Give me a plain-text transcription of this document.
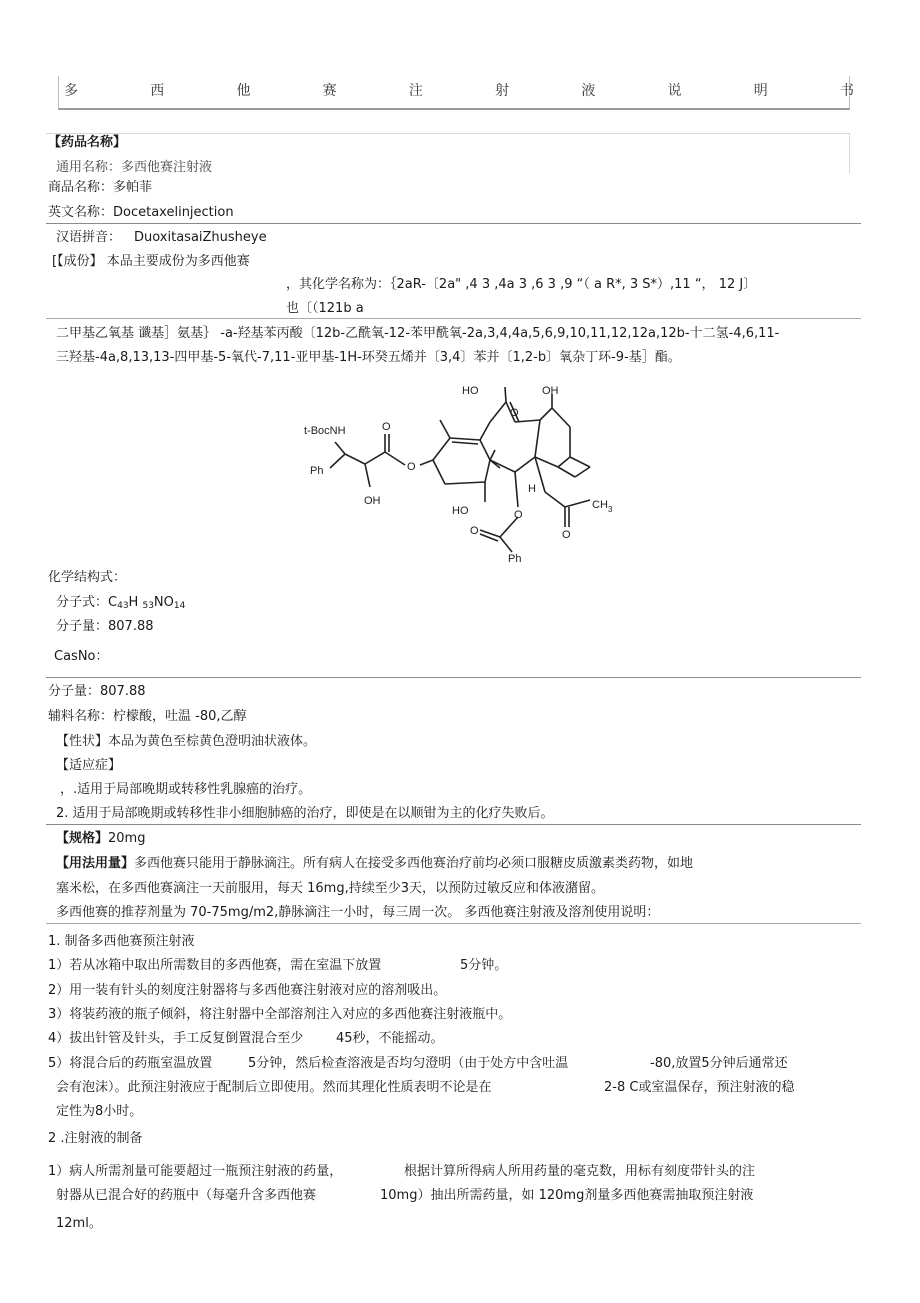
多	西	他	赛	注	射	液	说	明	书
【药品名称】
通用名称：多西他赛注射液
商品名称：多帕菲
英文名称：Docetaxelinjection
汉语拼音： DuoxitasaiZhusheye
[【成份】 本品主要成份为多西他赛
，其化学名称为：｛2aR-〔2a" ,4 3 ,4a 3 ,6 3 ,9 “（ a R*, 3 S*）,11 “， 12 J〕
也〔（121b a
二甲基乙氧基 谶基］氨基｝ -a-羟基苯丙酸〔12b-乙酰氧-12-苯甲酰氧-2a,3,4,4a,5,6,9,10,11,12,12a,12b-十二氢-4,6,11-
三羟基-4a,8,13,13-四甲基-5-氧代-7,11-亚甲基-1H-环癸五烯并〔3,4〕苯并〔1,2-b〕氧杂丁环-9-基］酯。
t-BocNH
Ph
OH
HO	OH
HO
H
CH 3
O
O
O
O
O
O
Ph
化学结构式：
分子式：$C_{43}H$ $_{53}NO_{14}$
分子量：807.88
CasNo：
分子量：807.88
辅料名称：柠檬酸，吐温 -80,乙醇
【性状】本品为黄色至棕黄色澄明油状液体。
【适应症】
，.适用于局部晚期或转移性乳腺癌的治疗。
2. 适用于局部晚期或转移性非小细胞肺癌的治疗，即使是在以顺钳为主的化疗失败后。
【规格】20mg
【用法用量】多西他赛只能用于静脉滴注。所有病人在接受多西他赛治疗前均必须口服糖皮质激素类药物，如地
塞米松，在多西他赛滴注一天前服用，每天 16mg,持续至少3天，以预防过敏反应和体液潴留。
多西他赛的推荐剂量为 70-75mg/m2,静脉滴注一小时，每三周一次。 多西他赛注射液及溶剂使用说明：
1. 制备多西他赛预注射液
1）若从冰箱中取出所需数目的多西他赛，需在室温下放置	5分钟。
2）用一装有针头的刻度注射器将与多西他赛注射液对应的溶剂吸出。
3）将装药液的瓶子倾斜，将注射器中全部溶剂注入对应的多西他赛注射液瓶中。
4）拔出针管及针头，手工反复倒置混合至少	45秒，不能摇动。
5）将混合后的药瓶室温放置	5分钟，然后检查溶液是否均匀澄明（由于处方中含吐温	-80,放置5分钟后通常还
会有泡沫）。此预注射液应于配制后立即使用。然而其理化性质表明不论是在	2-8 C或室温保存，预注射液的稳
定性为8小时。
2 .注射液的制备
1）病人所需剂量可能要超过一瓶预注射液的药量，	根据计算所得病人所用药量的毫克数，用标有刻度带针头的注
射器从已混合好的药瓶中（每毫升含多西他赛	10mg）抽出所需药量，如 120mg剂量多西他赛需抽取预注射液
12ml。
